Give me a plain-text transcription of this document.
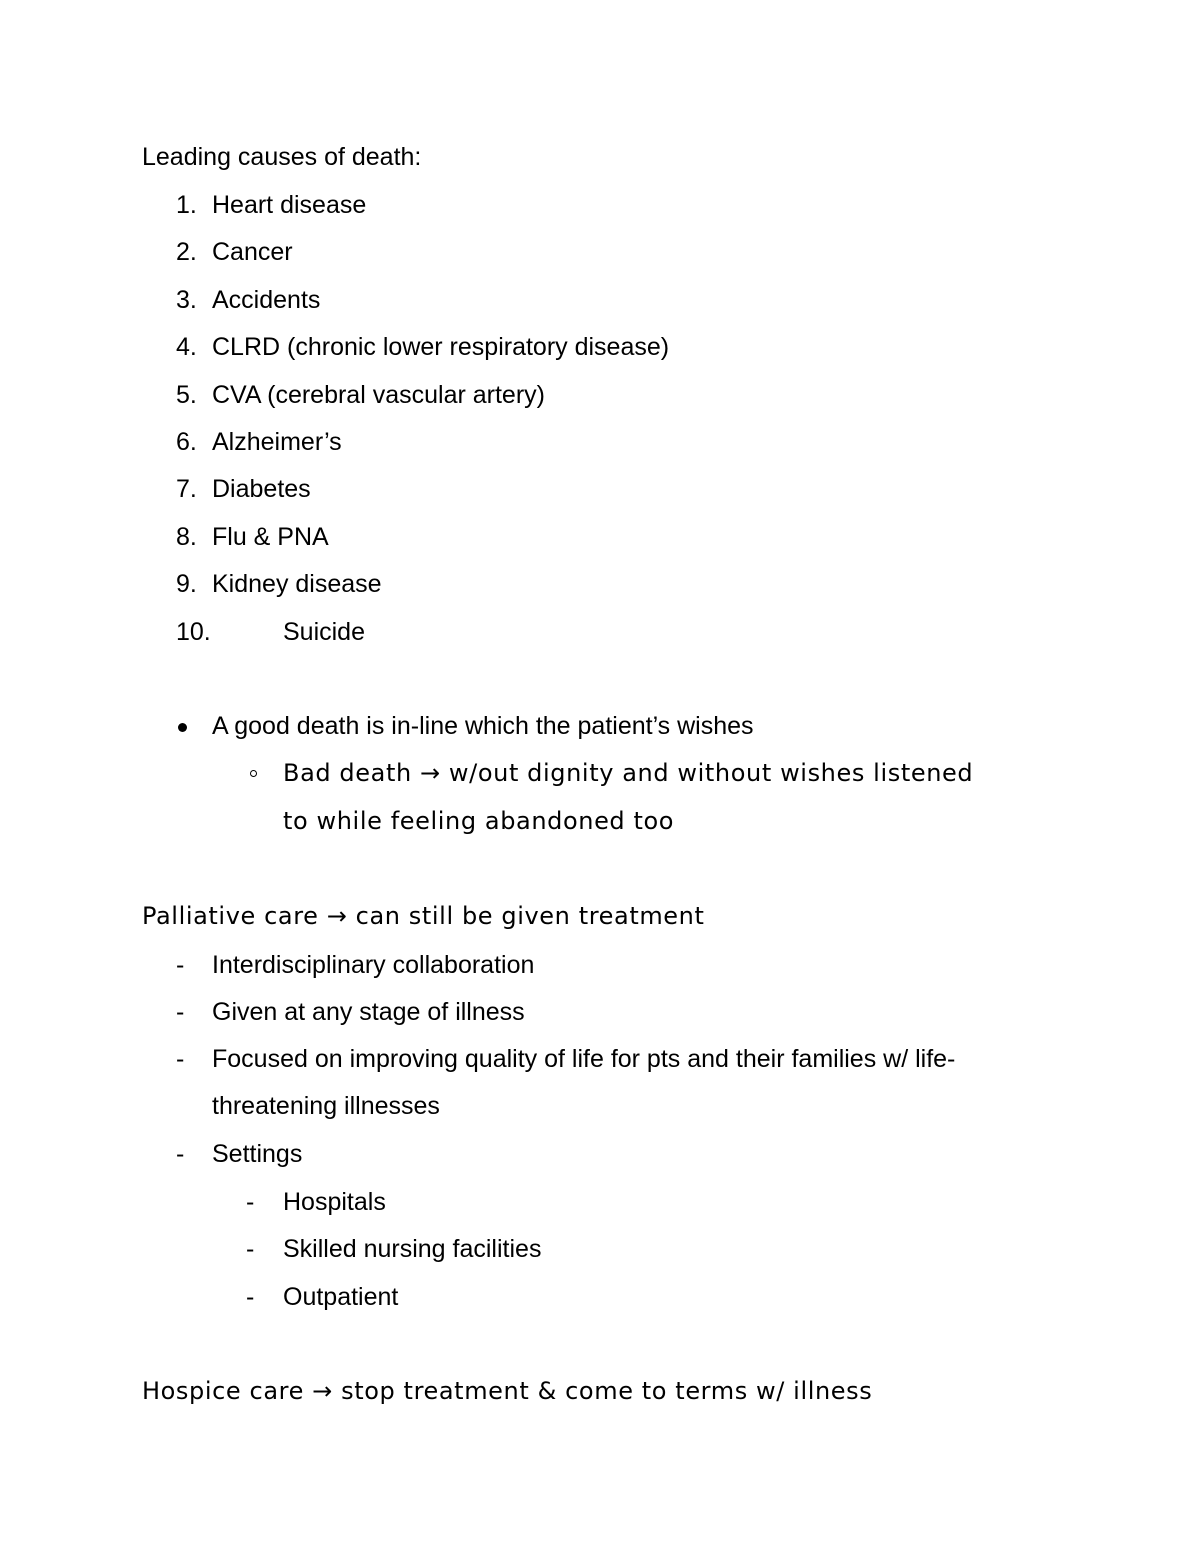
Leading causes of death:
1. Heart disease
2. Cancer
3. Accidents
4. CLRD (chronic lower respiratory disease)
5. CVA (cerebral vascular artery)
6. Alzheimer’s
7. Diabetes
8. Flu & PNA
9. Kidney disease
10.	Suicide
A good death is in-line which the patient’s wishes
Bad death → w/out dignity and without wishes listened
to while feeling abandoned too
Palliative care → can still be given treatment
- Interdisciplinary collaboration
- Given at any stage of illness
- Focused on improving quality of life for pts and their families w/ life-
threatening illnesses
- Settings
- Hospitals
- Skilled nursing facilities
- Outpatient
Hospice care → stop treatment & come to terms w/ illness
